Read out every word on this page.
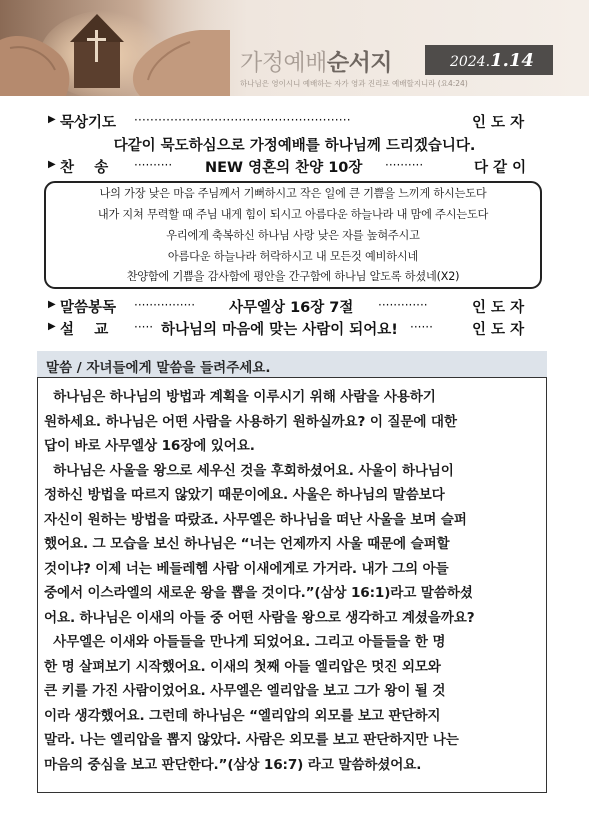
가정예배순서지	2024.1.14
하나님은 영이시니 예배하는 자가 영과 진리로 예배할지니라 (요4:24)
▶ 묵상기도 ······················································	인 도 자
다같이 묵도하심으로 가정예배를 하나님께 드리겠습니다.
▶ 찬    송 ·········· NEW 영혼의 찬양 10장 ··········	다 같 이
나의 가장 낮은 마음 주님께서 기뻐하시고 작은 일에 큰 기쁨을 느끼게 하시는도다
내가 지쳐 무력할 때 주님 내게 힘이 되시고 아름다운 하늘나라 내 맘에 주시는도다
우리에게 축복하신 하나님 사랑 낮은 자를 높혀주시고
아름다운 하늘나라 허락하시고 내 모든것 예비하시네
찬양함에 기쁨을 감사함에 평안을 간구함에 하나님 알도록 하셨네(X2)
▶ 말씀봉독 ················ 사무엘상 16장 7절 ·············	인 도 자
▶ 설    교 ····· 하나님의 마음에 맞는 사람이 되어요! ······	인 도 자
말씀 / 자녀들에게 말씀을 들려주세요.
하나님은 하나님의 방법과 계획을 이루시기 위해 사람을 사용하기
원하세요. 하나님은 어떤 사람을 사용하기 원하실까요? 이 질문에 대한
답이 바로 사무엘상 16장에 있어요.
하나님은 사울을 왕으로 세우신 것을 후회하셨어요. 사울이 하나님이
정하신 방법을 따르지 않았기 때문이에요. 사울은 하나님의 말씀보다
자신이 원하는 방법을 따랐죠. 사무엘은 하나님을 떠난 사울을 보며 슬퍼
했어요. 그 모습을 보신 하나님은 “너는 언제까지 사울 때문에 슬퍼할
것이냐? 이제 너는 베들레헴 사람 이새에게로 가거라. 내가 그의 아들
중에서 이스라엘의 새로운 왕을 뽑을 것이다.”(삼상 16:1)라고 말씀하셨
어요. 하나님은 이새의 아들 중 어떤 사람을 왕으로 생각하고 계셨을까요?
사무엘은 이새와 아들들을 만나게 되었어요. 그리고 아들들을 한 명
한 명 살펴보기 시작했어요. 이새의 첫째 아들 엘리압은 멋진 외모와
큰 키를 가진 사람이었어요. 사무엘은 엘리압을 보고 그가 왕이 될 것
이라 생각했어요. 그런데 하나님은 “엘리압의 외모를 보고 판단하지
말라. 나는 엘리압을 뽑지 않았다. 사람은 외모를 보고 판단하지만 나는
마음의 중심을 보고 판단한다.”(삼상 16:7) 라고 말씀하셨어요.
